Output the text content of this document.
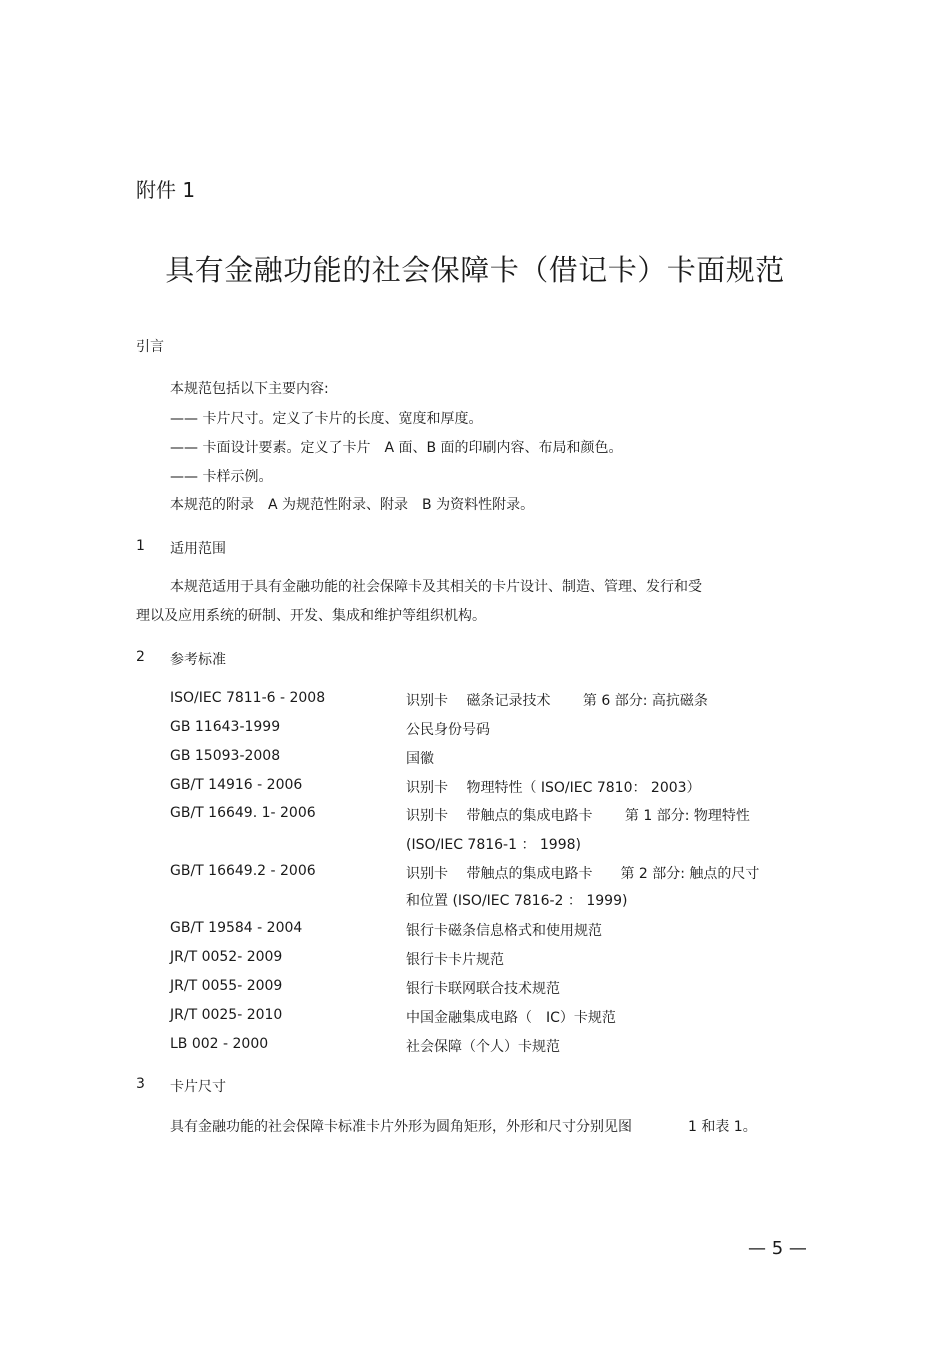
附件 1
具有金融功能的社会保障卡（借记卡）卡面规范
引言
本规范包括以下主要内容:
—— 卡片尺寸。定义了卡片的长度、宽度和厚度。
—— 卡面设计要素。定义了卡片　A 面、B 面的印刷内容、布局和颜色。
—— 卡样示例。
本规范的附录　A 为规范性附录、附录　B 为资料性附录。
1 适用范围
本规范适用于具有金融功能的社会保障卡及其相关的卡片设计、制造、管理、发行和受
理以及应用系统的研制、开发、集成和维护等组织机构。
2 参考标准
ISO/IEC 7811-6 - 2008	识别卡　 磁条记录技术　　 第 6 部分: 高抗磁条
GB 11643-1999	公民身份号码
GB 15093-2008	国徽
GB/T 14916 - 2006	识别卡　 物理特性（ ISO/IEC 7810： 2003）
GB/T 16649. 1- 2006	识别卡　 带触点的集成电路卡　　 第 1 部分: 物理特性
(ISO/IEC 7816-1 ： 1998)
GB/T 16649.2 - 2006	识别卡　 带触点的集成电路卡　　第 2 部分: 触点的尺寸
和位置 (ISO/IEC 7816-2 ： 1999)
GB/T 19584 - 2004	银行卡磁条信息格式和使用规范
JR/T 0052- 2009	银行卡卡片规范
JR/T 0055- 2009	银行卡联网联合技术规范
JR/T 0025- 2010	中国金融集成电路（　IC）卡规范
LB 002 - 2000	社会保障（个人）卡规范
3 卡片尺寸
具有金融功能的社会保障卡标准卡片外形为圆角矩形，外形和尺寸分别见图　　　　1 和表 1。
— 5 —
